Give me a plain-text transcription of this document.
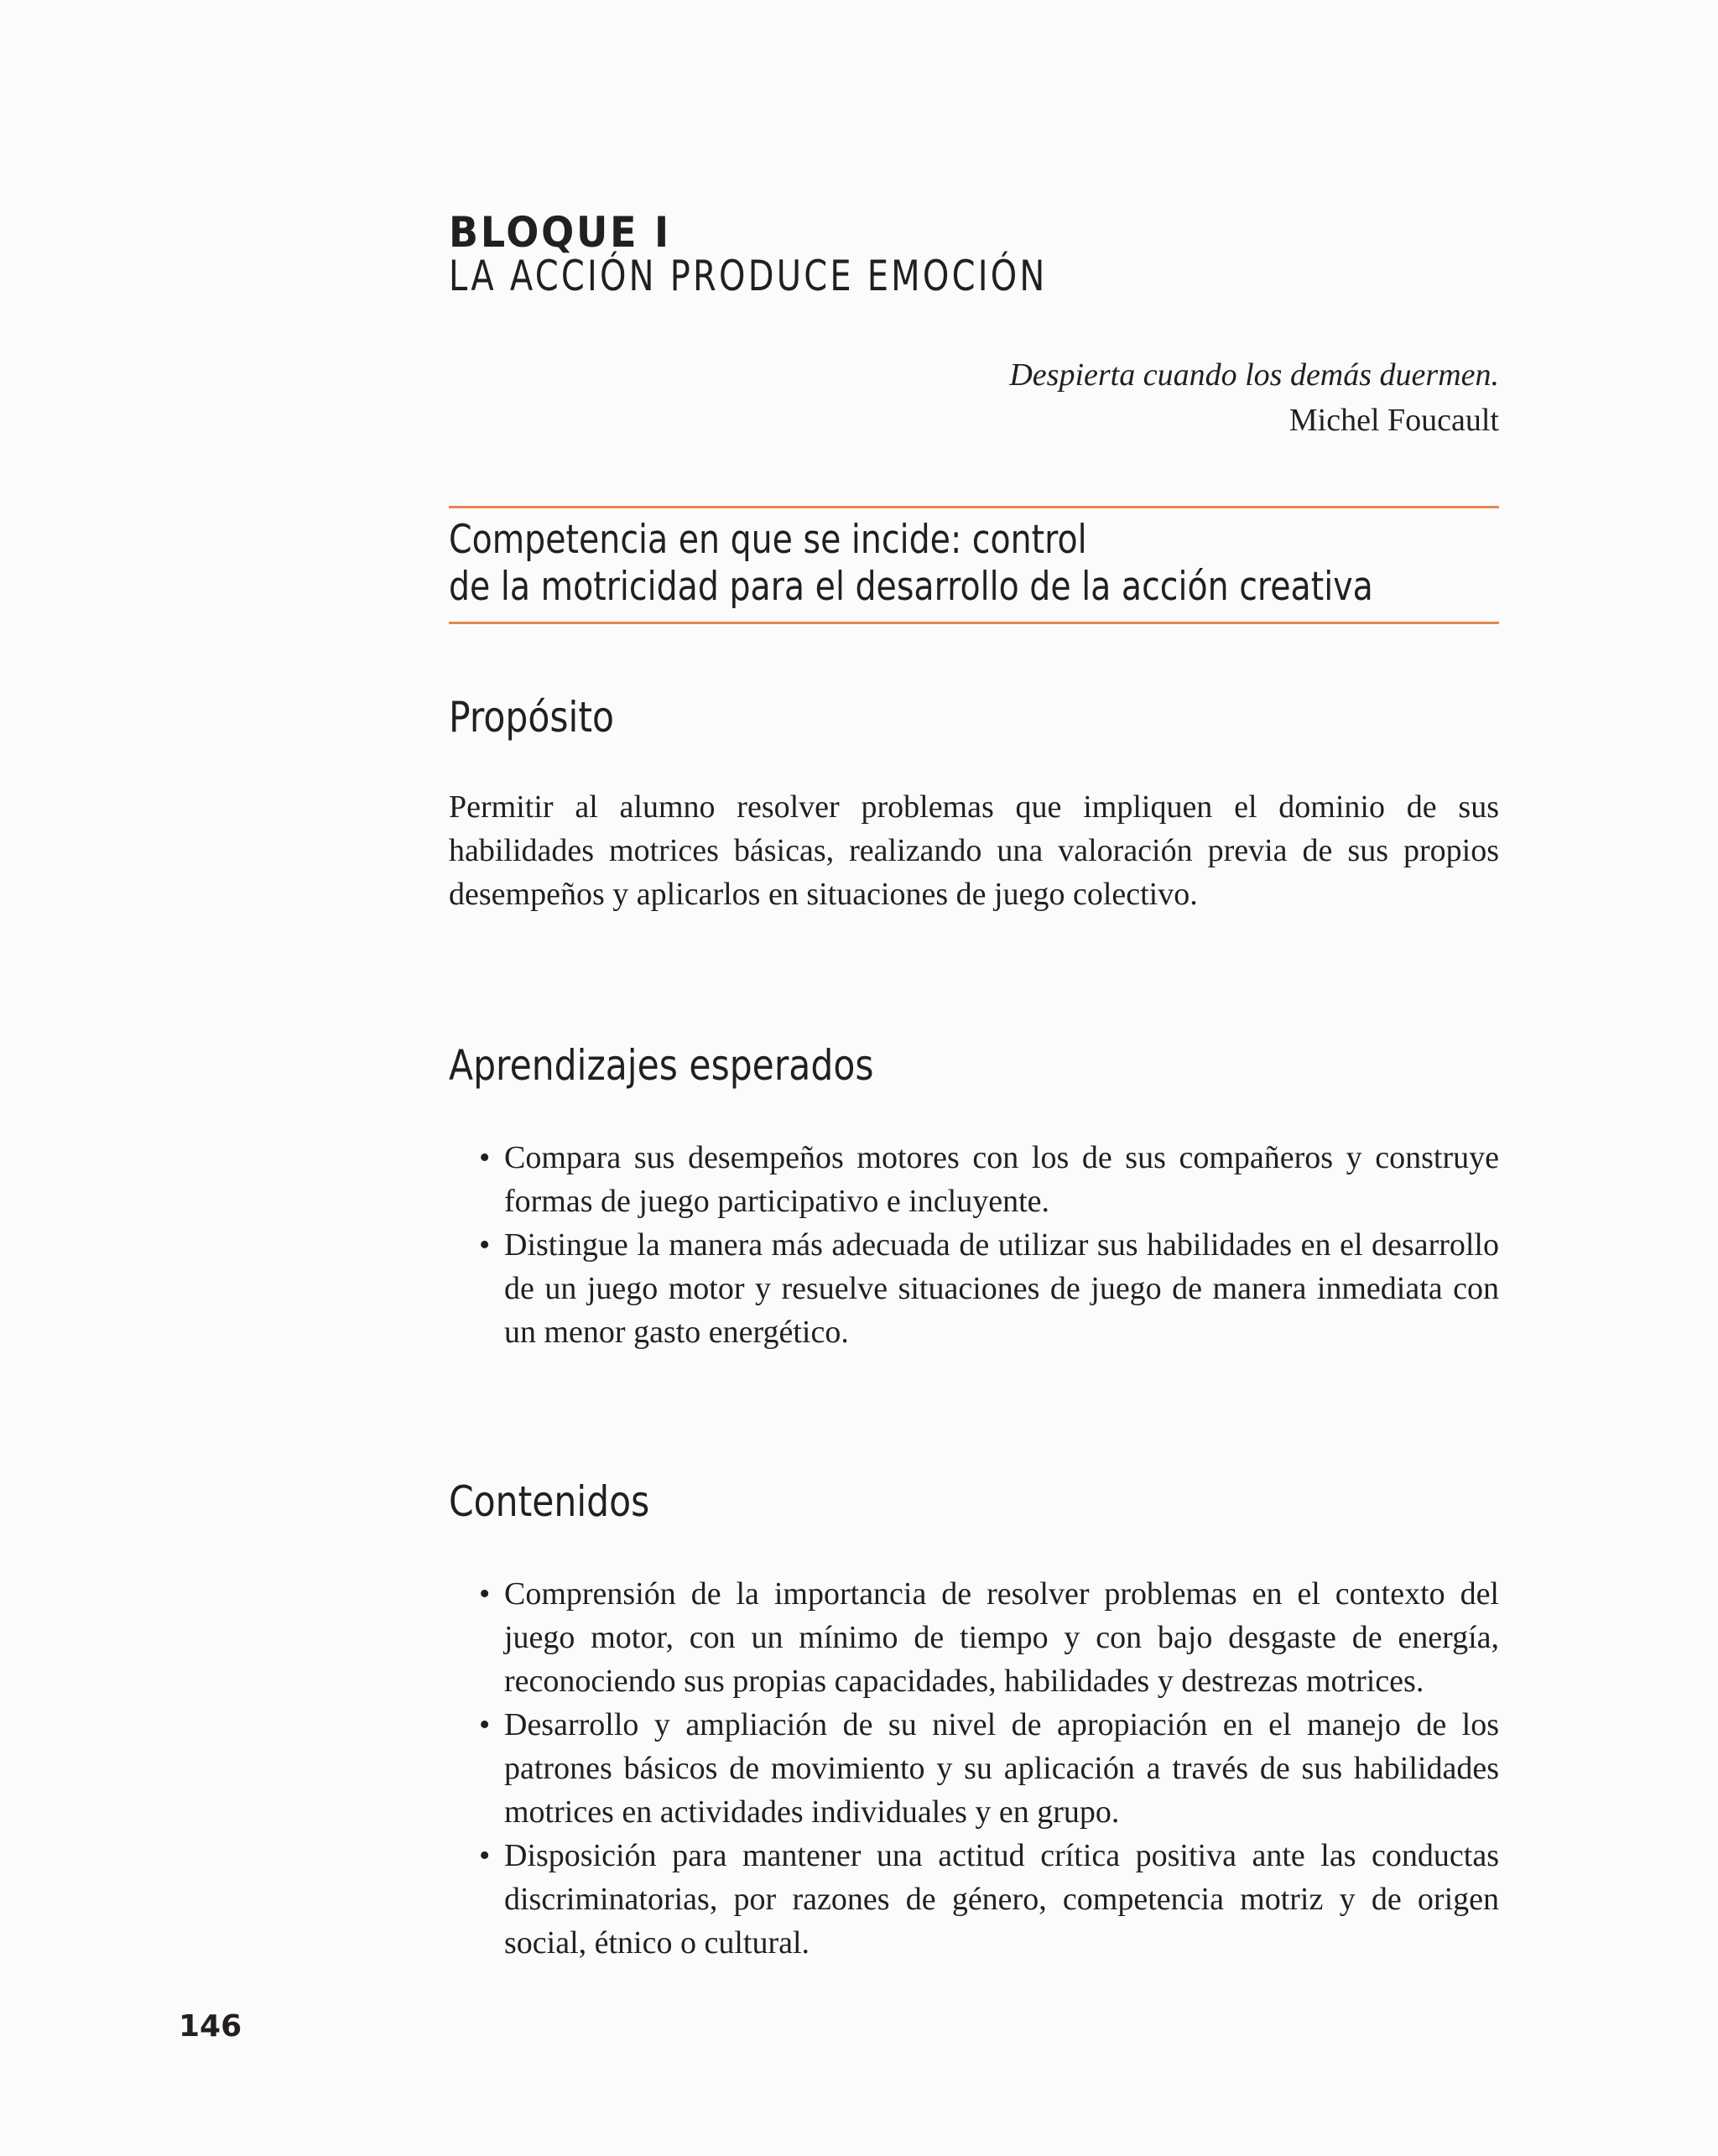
BLOQUE I
LA ACCIÓN PRODUCE EMOCIÓN
Despierta cuando los demás duermen.
Michel Foucault
Competencia en que se incide: control
de la motricidad para el desarrollo de la acción creativa
Propósito

Permitir al alumno resolver problemas que impliquen el dominio de sus habilidades motrices básicas, realizando una valoración previa de sus propios desempeños y aplicarlos en situaciones de juego colectivo.

Aprendizajes esperados
• Compara sus desempeños motores con los de sus compañeros y construye formas de juego participativo e incluyente.
• Distingue la manera más adecuada de utilizar sus habilidades en el desarrollo de un juego motor y resuelve situaciones de juego de manera inmediata con un menor gasto energético.
Contenidos
• Comprensión de la importancia de resolver problemas en el contexto del juego motor, con un mínimo de tiempo y con bajo desgaste de energía, reconociendo sus propias capacidades, habilidades y destrezas motrices.
• Desarrollo y ampliación de su nivel de apropiación en el manejo de los patrones básicos de movimiento y su aplicación a través de sus habilidades motrices en actividades individuales y en grupo.
• Disposición para mantener una actitud crítica positiva ante las conductas discriminatorias, por razones de género, competencia motriz y de origen social, étnico o cultural.
146
